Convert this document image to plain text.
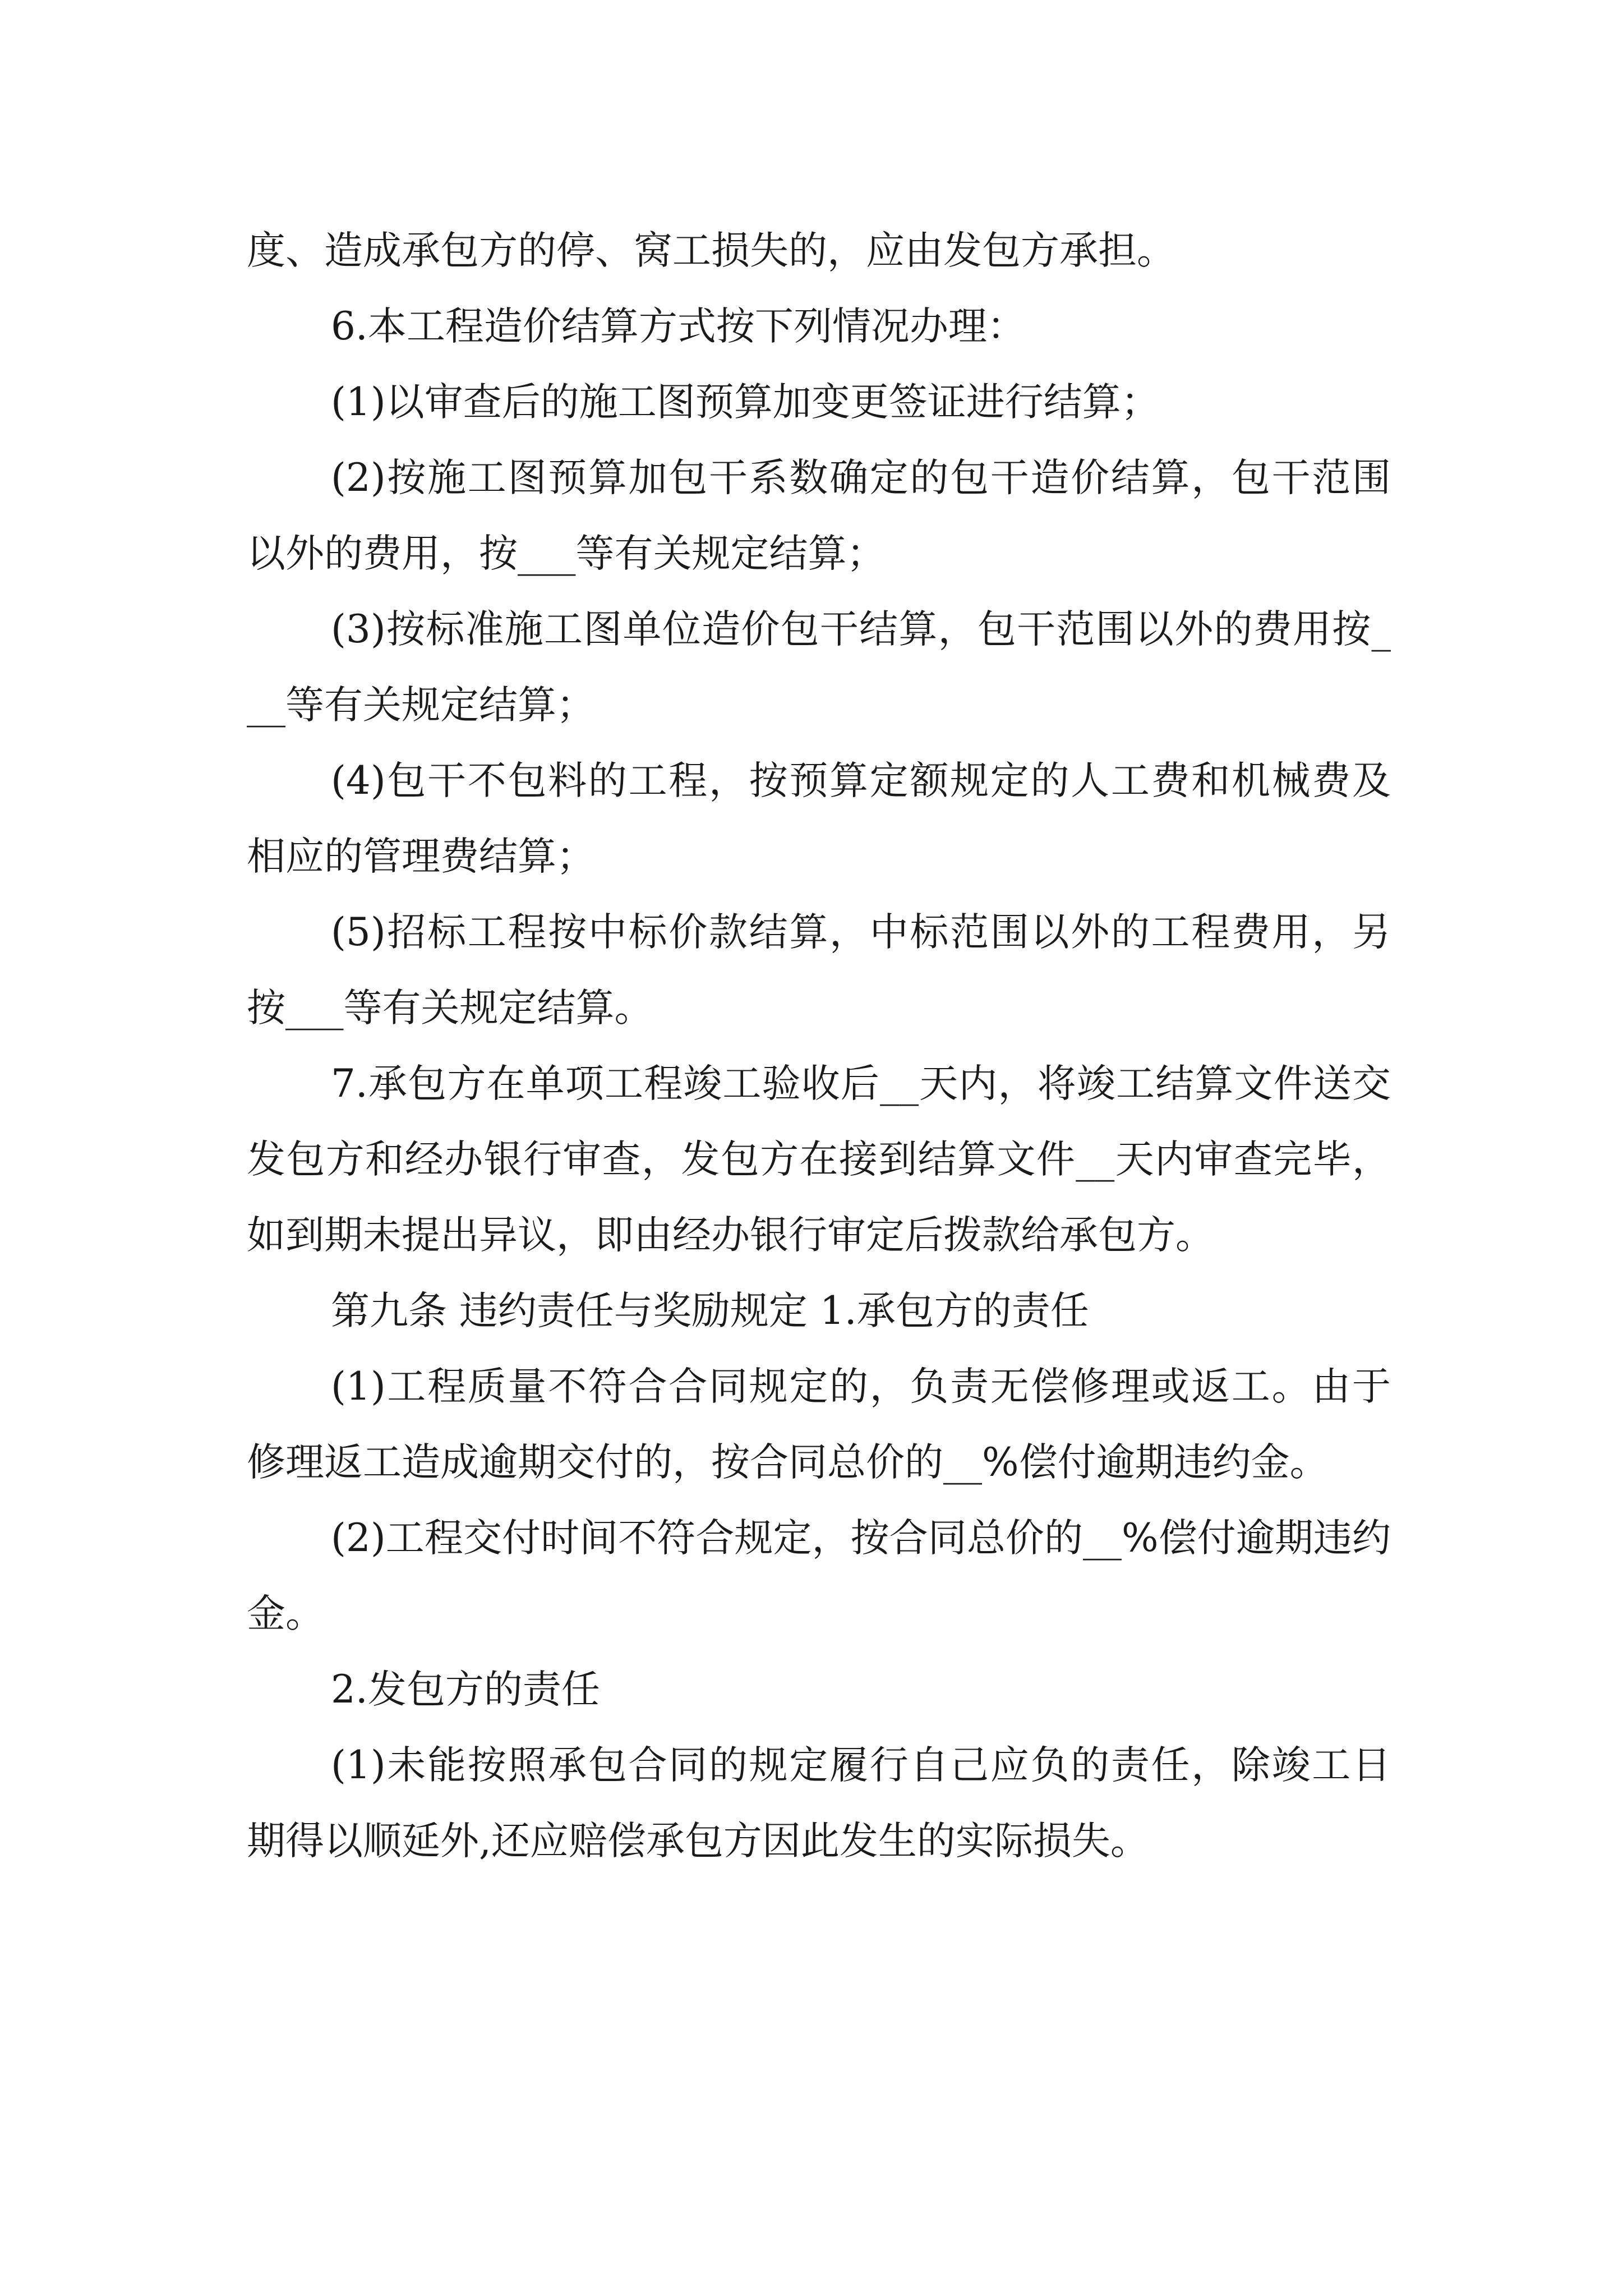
度、造成承包方的停、窝工损失的，应由发包方承担。

6.本工程造价结算方式按下列情况办理：

(1)以审查后的施工图预算加变更签证进行结算；

(2)按施工图预算加包干系数确定的包干造价结算，包干范围以外的费用，按___等有关规定结算；

(3)按标准施工图单位造价包干结算，包干范围以外的费用按___等有关规定结算；

(4)包干不包料的工程，按预算定额规定的人工费和机械费及相应的管理费结算；

(5)招标工程按中标价款结算，中标范围以外的工程费用，另按___等有关规定结算。

7.承包方在单项工程竣工验收后__天内，将竣工结算文件送交发包方和经办银行审查，发包方在接到结算文件__天内审查完毕，如到期未提出异议，即由经办银行审定后拨款给承包方。

第九条 违约责任与奖励规定 1.承包方的责任

(1)工程质量不符合合同规定的，负责无偿修理或返工。由于修理返工造成逾期交付的，按合同总价的__%偿付逾期违约金。

(2)工程交付时间不符合规定，按合同总价的__%偿付逾期违约金。

2.发包方的责任

(1)未能按照承包合同的规定履行自己应负的责任，除竣工日期得以顺延外,还应赔偿承包方因此发生的实际损失。
